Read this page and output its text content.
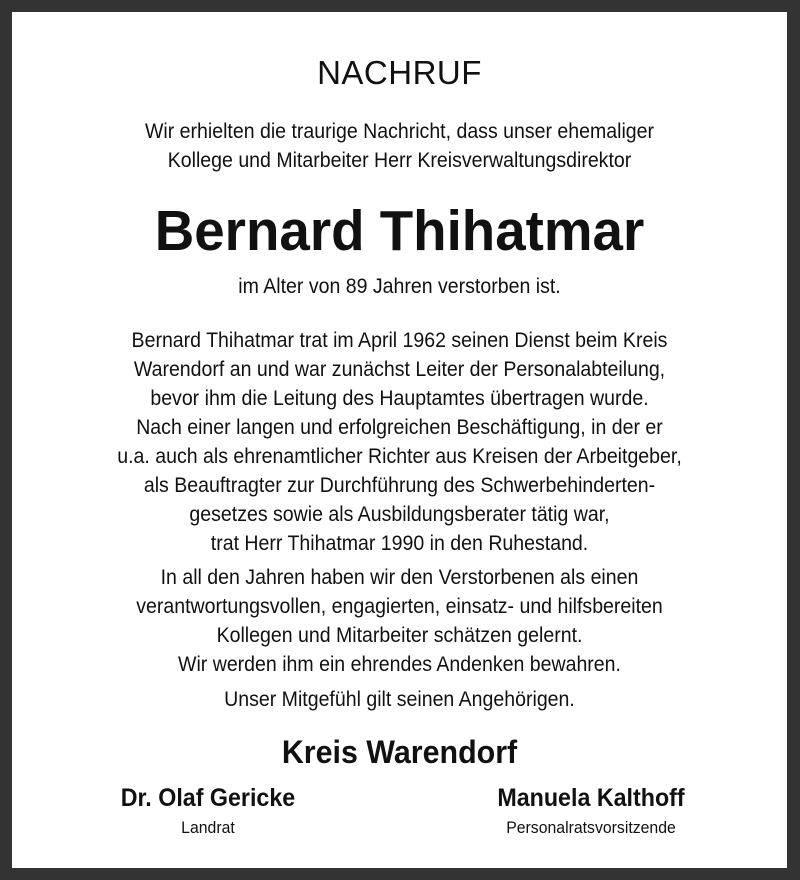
NACHRUF
Wir erhielten die traurige Nachricht, dass unser ehemaliger
Kollege und Mitarbeiter Herr Kreisverwaltungsdirektor
Bernard Thihatmar
im Alter von 89 Jahren verstorben ist.
Bernard Thihatmar trat im April 1962 seinen Dienst beim Kreis
Warendorf an und war zunächst Leiter der Personalabteilung,
bevor ihm die Leitung des Hauptamtes übertragen wurde.
Nach einer langen und erfolgreichen Beschäftigung, in der er
u.a. auch als ehrenamtlicher Richter aus Kreisen der Arbeitgeber,
als Beauftragter zur Durchführung des Schwerbehinderten-
gesetzes sowie als Ausbildungsberater tätig war,
trat Herr Thihatmar 1990 in den Ruhestand.
In all den Jahren haben wir den Verstorbenen als einen
verantwortungsvollen, engagierten, einsatz- und hilfsbereiten
Kollegen und Mitarbeiter schätzen gelernt.
Wir werden ihm ein ehrendes Andenken bewahren.
Unser Mitgefühl gilt seinen Angehörigen.
Kreis Warendorf
Dr. Olaf Gericke
Landrat
Manuela Kalthoff
Personalratsvorsitzende
